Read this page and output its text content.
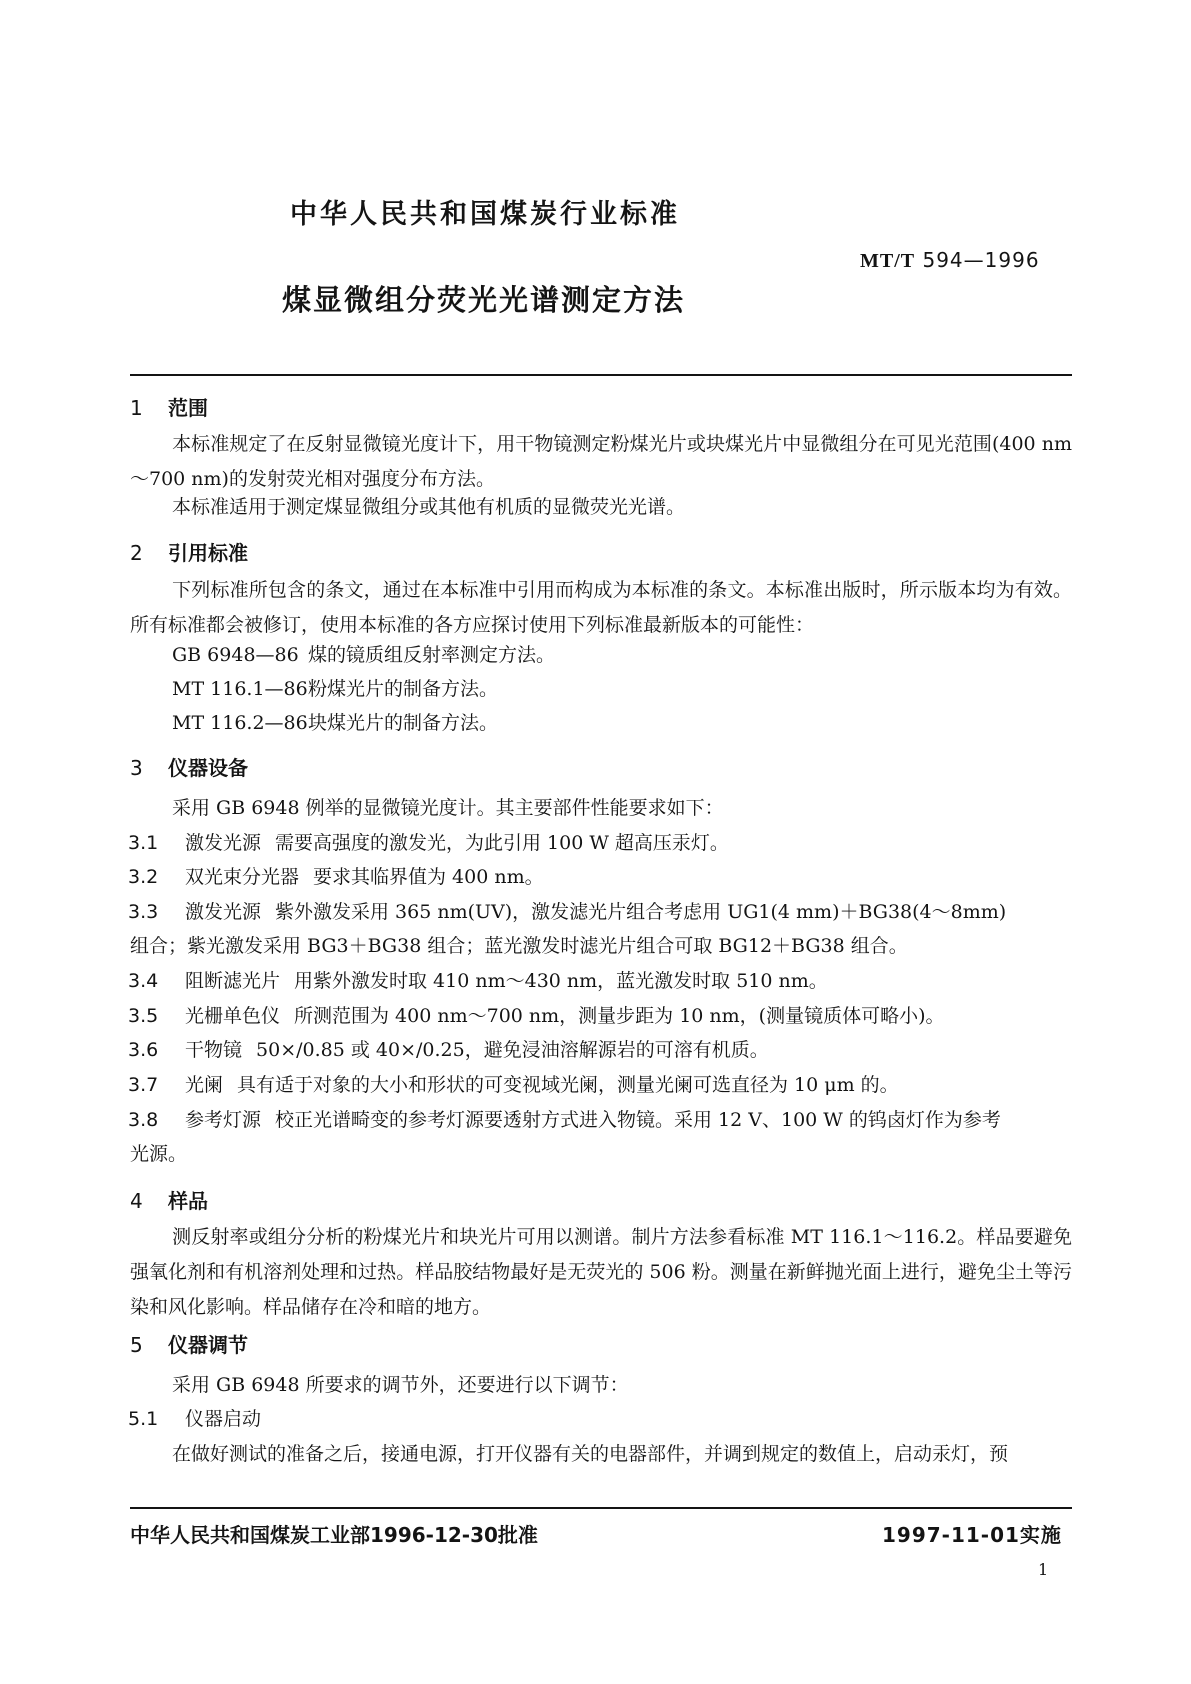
中华人民共和国煤炭行业标准
MT/T 594—1996
煤显微组分荧光光谱测定方法
1 范围
本标准规定了在反射显微镜光度计下，用干物镜测定粉煤光片或块煤光片中显微组分在可见光范围(400 nm～700 nm)的发射荧光相对强度分布方法。
本标准适用于测定煤显微组分或其他有机质的显微荧光光谱。
2 引用标准
下列标准所包含的条文，通过在本标准中引用而构成为本标准的条文。本标准出版时，所示版本均为有效。所有标准都会被修订，使用本标准的各方应探讨使用下列标准最新版本的可能性：
GB 6948—86 煤的镜质组反射率测定方法。
MT 116.1—86粉煤光片的制备方法。
MT 116.2—86块煤光片的制备方法。
3 仪器设备
采用 GB 6948 例举的显微镜光度计。其主要部件性能要求如下：
3.1 激发光源 需要高强度的激发光，为此引用 100 W 超高压汞灯。
3.2 双光束分光器 要求其临界值为 400 nm。
3.3 激发光源 紫外激发采用 365 nm(UV)，激发滤光片组合考虑用 UG1(4 mm)＋BG38(4～8mm)
组合；紫光激发采用 BG3＋BG38 组合；蓝光激发时滤光片组合可取 BG12＋BG38 组合。
3.4 阻断滤光片 用紫外激发时取 410 nm～430 nm，蓝光激发时取 510 nm。
3.5 光栅单色仪 所测范围为 400 nm～700 nm，测量步距为 10 nm，(测量镜质体可略小)。
3.6 干物镜 50×/0.85 或 40×/0.25，避免浸油溶解源岩的可溶有机质。
3.7 光阑 具有适于对象的大小和形状的可变视域光阑，测量光阑可选直径为 10 μm 的。
3.8 参考灯源 校正光谱畸变的参考灯源要透射方式进入物镜。采用 12 V、100 W 的钨卤灯作为参考
光源。
4 样品
测反射率或组分分析的粉煤光片和块光片可用以测谱。制片方法参看标准 MT 116.1～116.2。样品要避免强氧化剂和有机溶剂处理和过热。样品胶结物最好是无荧光的 506 粉。测量在新鲜抛光面上进行，避免尘土等污染和风化影响。样品储存在冷和暗的地方。
5 仪器调节
采用 GB 6948 所要求的调节外，还要进行以下调节：
5.1 仪器启动
在做好测试的准备之后，接通电源，打开仪器有关的电器部件，并调到规定的数值上，启动汞灯，预
中华人民共和国煤炭工业部1996-12-30批准	1997-11-01实施
1
